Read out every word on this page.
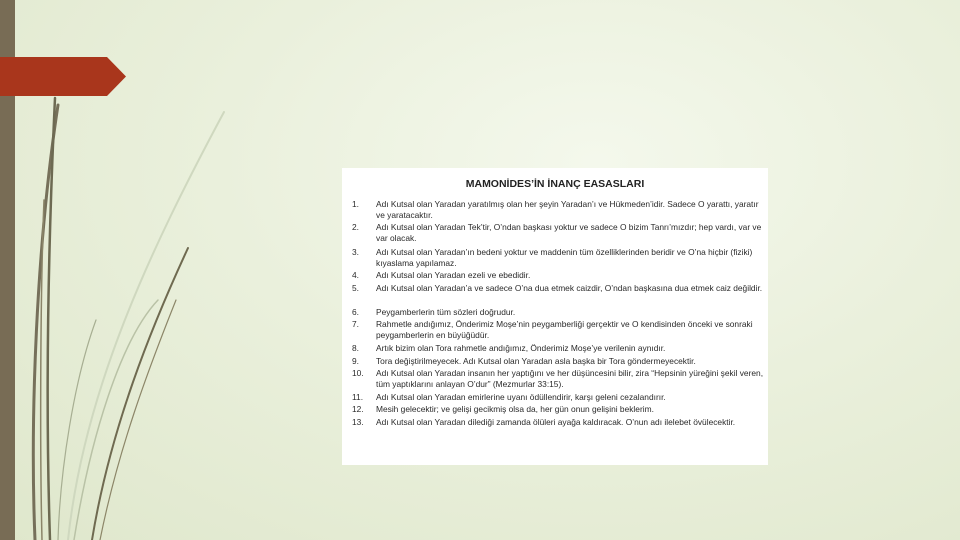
MAMONİDES’İN İNANÇ EASASLARI
1.	Adı Kutsal olan Yaradan yaratılmış olan her şeyin Yaradan’ı ve Hükmeden’idir. Sadece O yarattı, yaratır ve yaratacaktır.
2.	Adı Kutsal olan Yaradan Tek’tir, O’ndan başkası yoktur ve sadece O bizim Tanrı’mızdır; hep vardı, var ve var olacak.
3.	Adı Kutsal olan Yaradan’ın bedeni yoktur ve maddenin tüm özelliklerinden beridir ve O’na hiçbir (fiziki) kıyaslama yapılamaz.
4.	Adı Kutsal olan Yaradan ezeli ve ebedidir.
5.	Adı Kutsal olan Yaradan’a ve sadece O’na dua etmek caizdir, O’ndan başkasına dua etmek caiz değildir.
6.	Peygamberlerin tüm sözleri doğrudur.
7.	Rahmetle andığımız, Önderimiz Moşe’nin peygamberliği gerçektir ve O kendisinden önceki ve sonraki peygamberlerin en büyüğüdür.
8.	Artık bizim olan Tora rahmetle andığımız, Önderimiz Moşe’ye verilenin aynıdır.
9.	Tora değiştirilmeyecek. Adı Kutsal olan Yaradan asla başka bir Tora göndermeyecektir.
10.	Adı Kutsal olan Yaradan insanın her yaptığını ve her düşüncesini bilir, zira “Hepsinin yüreğini şekil veren, tüm yaptıklarını anlayan O’dur” (Mezmurlar 33:15).
11.	Adı Kutsal olan Yaradan emirlerine uyanı ödüllendirir, karşı geleni cezalandırır.
12.	Mesih gelecektir; ve gelişi gecikmiş olsa da, her gün onun gelişini beklerim.
13.	Adı Kutsal olan Yaradan dilediği zamanda ölüleri ayağa kaldıracak. O’nun adı ilelebet övülecektir.
